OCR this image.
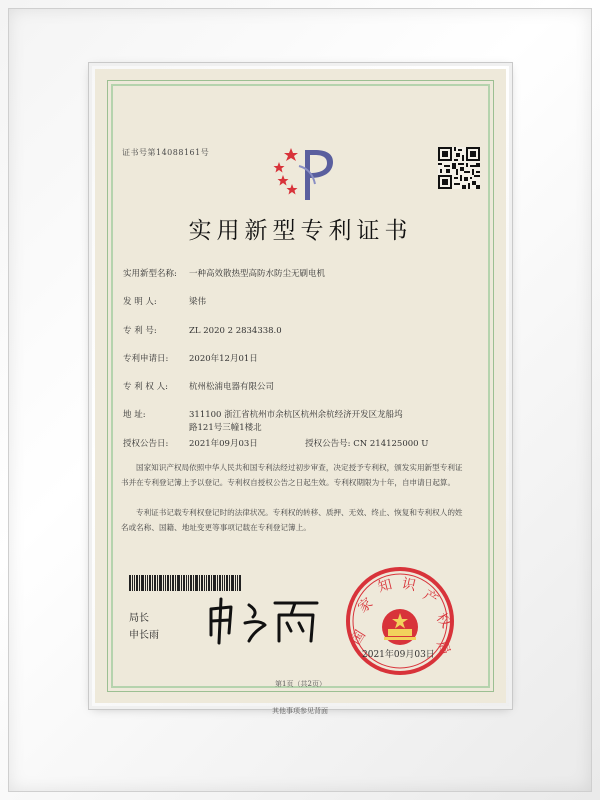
证书号第14088161号
实用新型专利证书
实用新型名称: 一种高效散热型高防水防尘无刷电机
发 明 人:	梁伟
专 利 号:	ZL 2020 2 2834338.0
专利申请日: 2020年12月01日
专 利 权 人: 杭州松浦电器有限公司
地 址:	311100 浙江省杭州市余杭区杭州余杭经济开发区龙船坞
路121号三幢1楼北
授权公告日: 2021年09月03日	授权公告号: CN 214125000 U
国家知识产权局依照中华人民共和国专利法经过初步审查，决定授予专利权，颁发实用新型专利证书并在专利登记簿上予以登记。专利权自授权公告之日起生效。专利权期限为十年，自申请日起算。
专利证书记载专利权登记时的法律状况。专利权的转移、质押、无效、终止、恢复和专利权人的姓名或名称、国籍、地址变更等事项记载在专利登记簿上。
局长
申长雨	国
家
知 识
产
权
局
2021年09月03日
第1页（共2页）
其他事项参见背面
